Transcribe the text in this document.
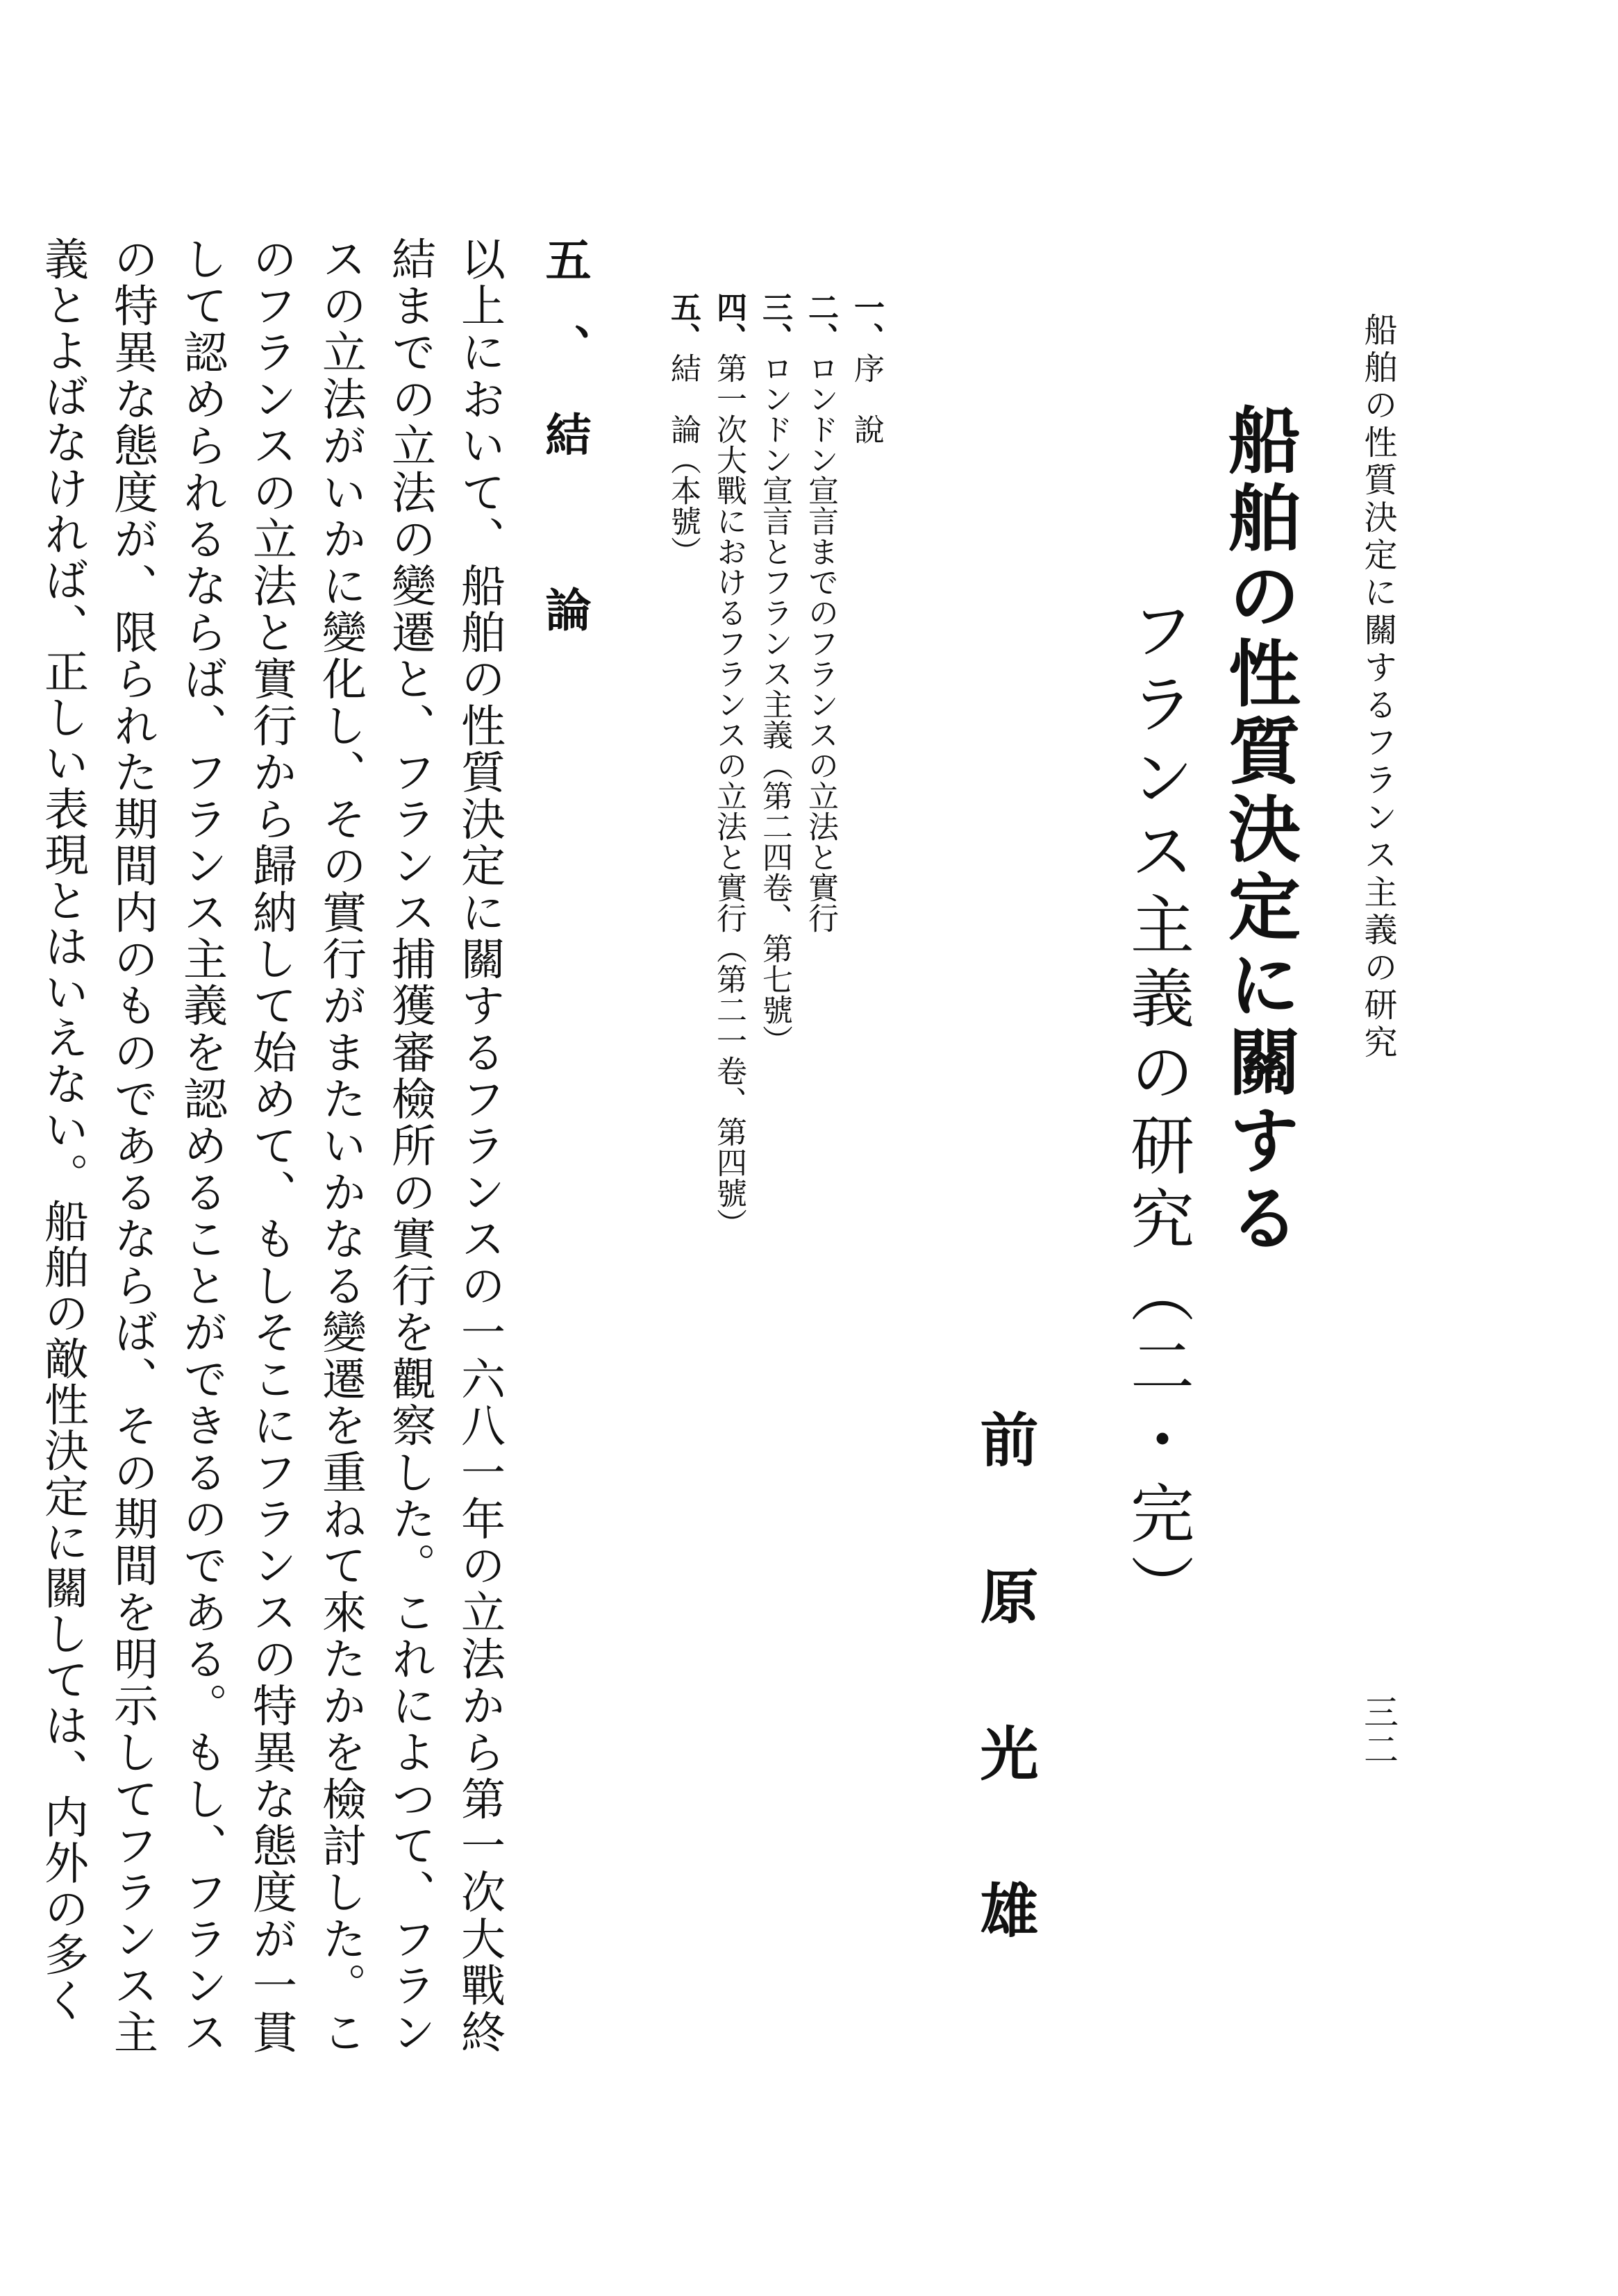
船舶の性質決定に關するフランス主義の研究
三二
船舶の性質決定に關する
フランス主義の研究（二・完）
前原光雄
一、序　說
二、ロンドン宣言までのフランスの立法と實行
三、ロンドン宣言とフランス主義（第二四卷、第七號）
四、第一次大戰におけるフランスの立法と實行（第二一卷、第四號）
五、結　論（本號）
五、結　論
以上において、船舶の性質決定に關するフランスの一六八一年の立法から第一次大戰終結までの立法の變遷と、フランス捕獲審檢所の實行を觀察した。これによつて、フランスの立法がいかに變化し、その實行がまたいかなる變遷を重ねて來たかを檢討した。このフランスの立法と實行から歸納して始めて、もしそこにフランスの特異な態度が一貫して認められるならば、フランス主義を認めることができるのである。もし、フランスの特異な態度が、限られた期間内のものであるならば、その期間を明示してフランス主義とよばなければ、正しい表現とはいえない。船舶の敵性決定に關しては、内外の多く
